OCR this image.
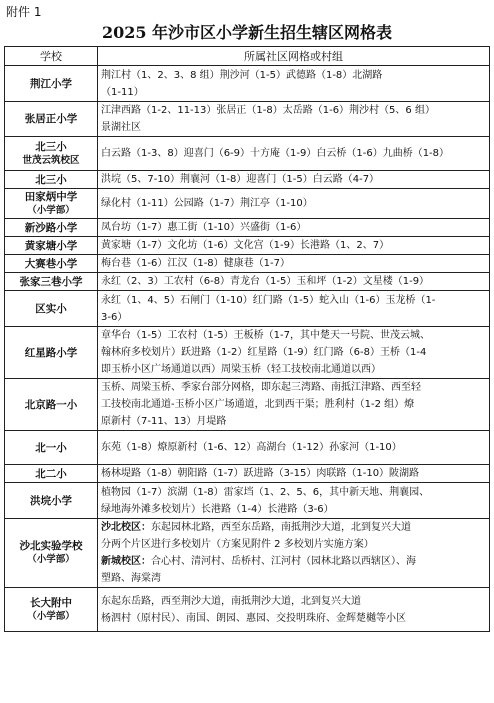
附件 1
2025 年沙市区小学新生招生辖区网格表
学校	所属社区网格或村组

荆江小学	荆江村（1、2、3、8 组）荆沙河（1-5）武德路（1-8）北湖路
（1-11）

张居正小学	江津西路（1-2、11-13）张居正（1-8）太岳路（1-6）荆沙村（5、6 组）
景湖社区

北三小
世茂云筑校区	白云路（1-3、8）迎喜门（6-9）十方庵（1-9）白云桥（1-6）九曲桥（1-8）

北三小	洪垸（5、7-10）荆襄河（1-8）迎喜门（1-5）白云路（4-7）

田家炳中学
（小学部）	绿化村（1-11）公园路（1-7）荆江亭（1-10）

新沙路小学	凤台坊（1-7）惠工街（1-10）兴盛街（1-6）

黄家塘小学	黄家塘（1-7）文化坊（1-6）文化宫（1-9）长港路（1、2、7）

大赛巷小学	梅台巷（1-6）江汉（1-8）健康巷（1-7）

张家三巷小学	永红（2、3）工农村（6-8）青龙台（1-5）玉和坪（1-2）文星楼（1-9）

区实小	永红（1、4、5）石闸门（1-10）红门路（1-5）蛇入山（1-6）玉龙桥（1-
3-6）

红星路小学	章华台（1-5）工农村（1-5）王板桥（1-7，其中楚天一号院、世茂云城、
翰林府多校划片）跃进路（1-2）红星路（1-9）红门路（6-8）王桥（1-4
即玉桥小区广场通道以西）周梁玉桥（轻工技校南北通道以西）

北京路一小	玉桥、周梁玉桥、季家台部分网格，即东起三湾路、南抵江津路、西至轻
工技校南北通道-玉桥小区广场通道，北到西干渠；胜利村（1-2 组）燎
原新村（7-11、13）月堤路

北一小	东苑（1-8）燎原新村（1-6、12）高湖台（1-12）孙家河（1-10）

北二小	杨林堤路（1-8）朝阳路（1-7）跃进路（3-15）肉联路（1-10）陂湖路

洪垸小学	植物园（1-7）滨湖（1-8）雷家垱（1、2、5、6，其中新天地、荆襄园、
绿地海外滩多校划片）长港路（1-4）长港路（3-6）

沙北实验学校
（小学部）	沙北校区：东起园林北路，西至东岳路，南抵荆沙大道，北到复兴大道
分两个片区进行多校划片（方案见附件 2 多校划片实施方案）
新城校区：合心村、清河村、岳桥村、江河村（园林北路以西辖区）、海
塑路、海棠湾

长大附中
（小学部）	东起东岳路，西至荆沙大道，南抵荆沙大道，北到复兴大道
杨泗村（原村民）、南国、朗园、惠园、交投明珠府、金辉楚樾等小区
